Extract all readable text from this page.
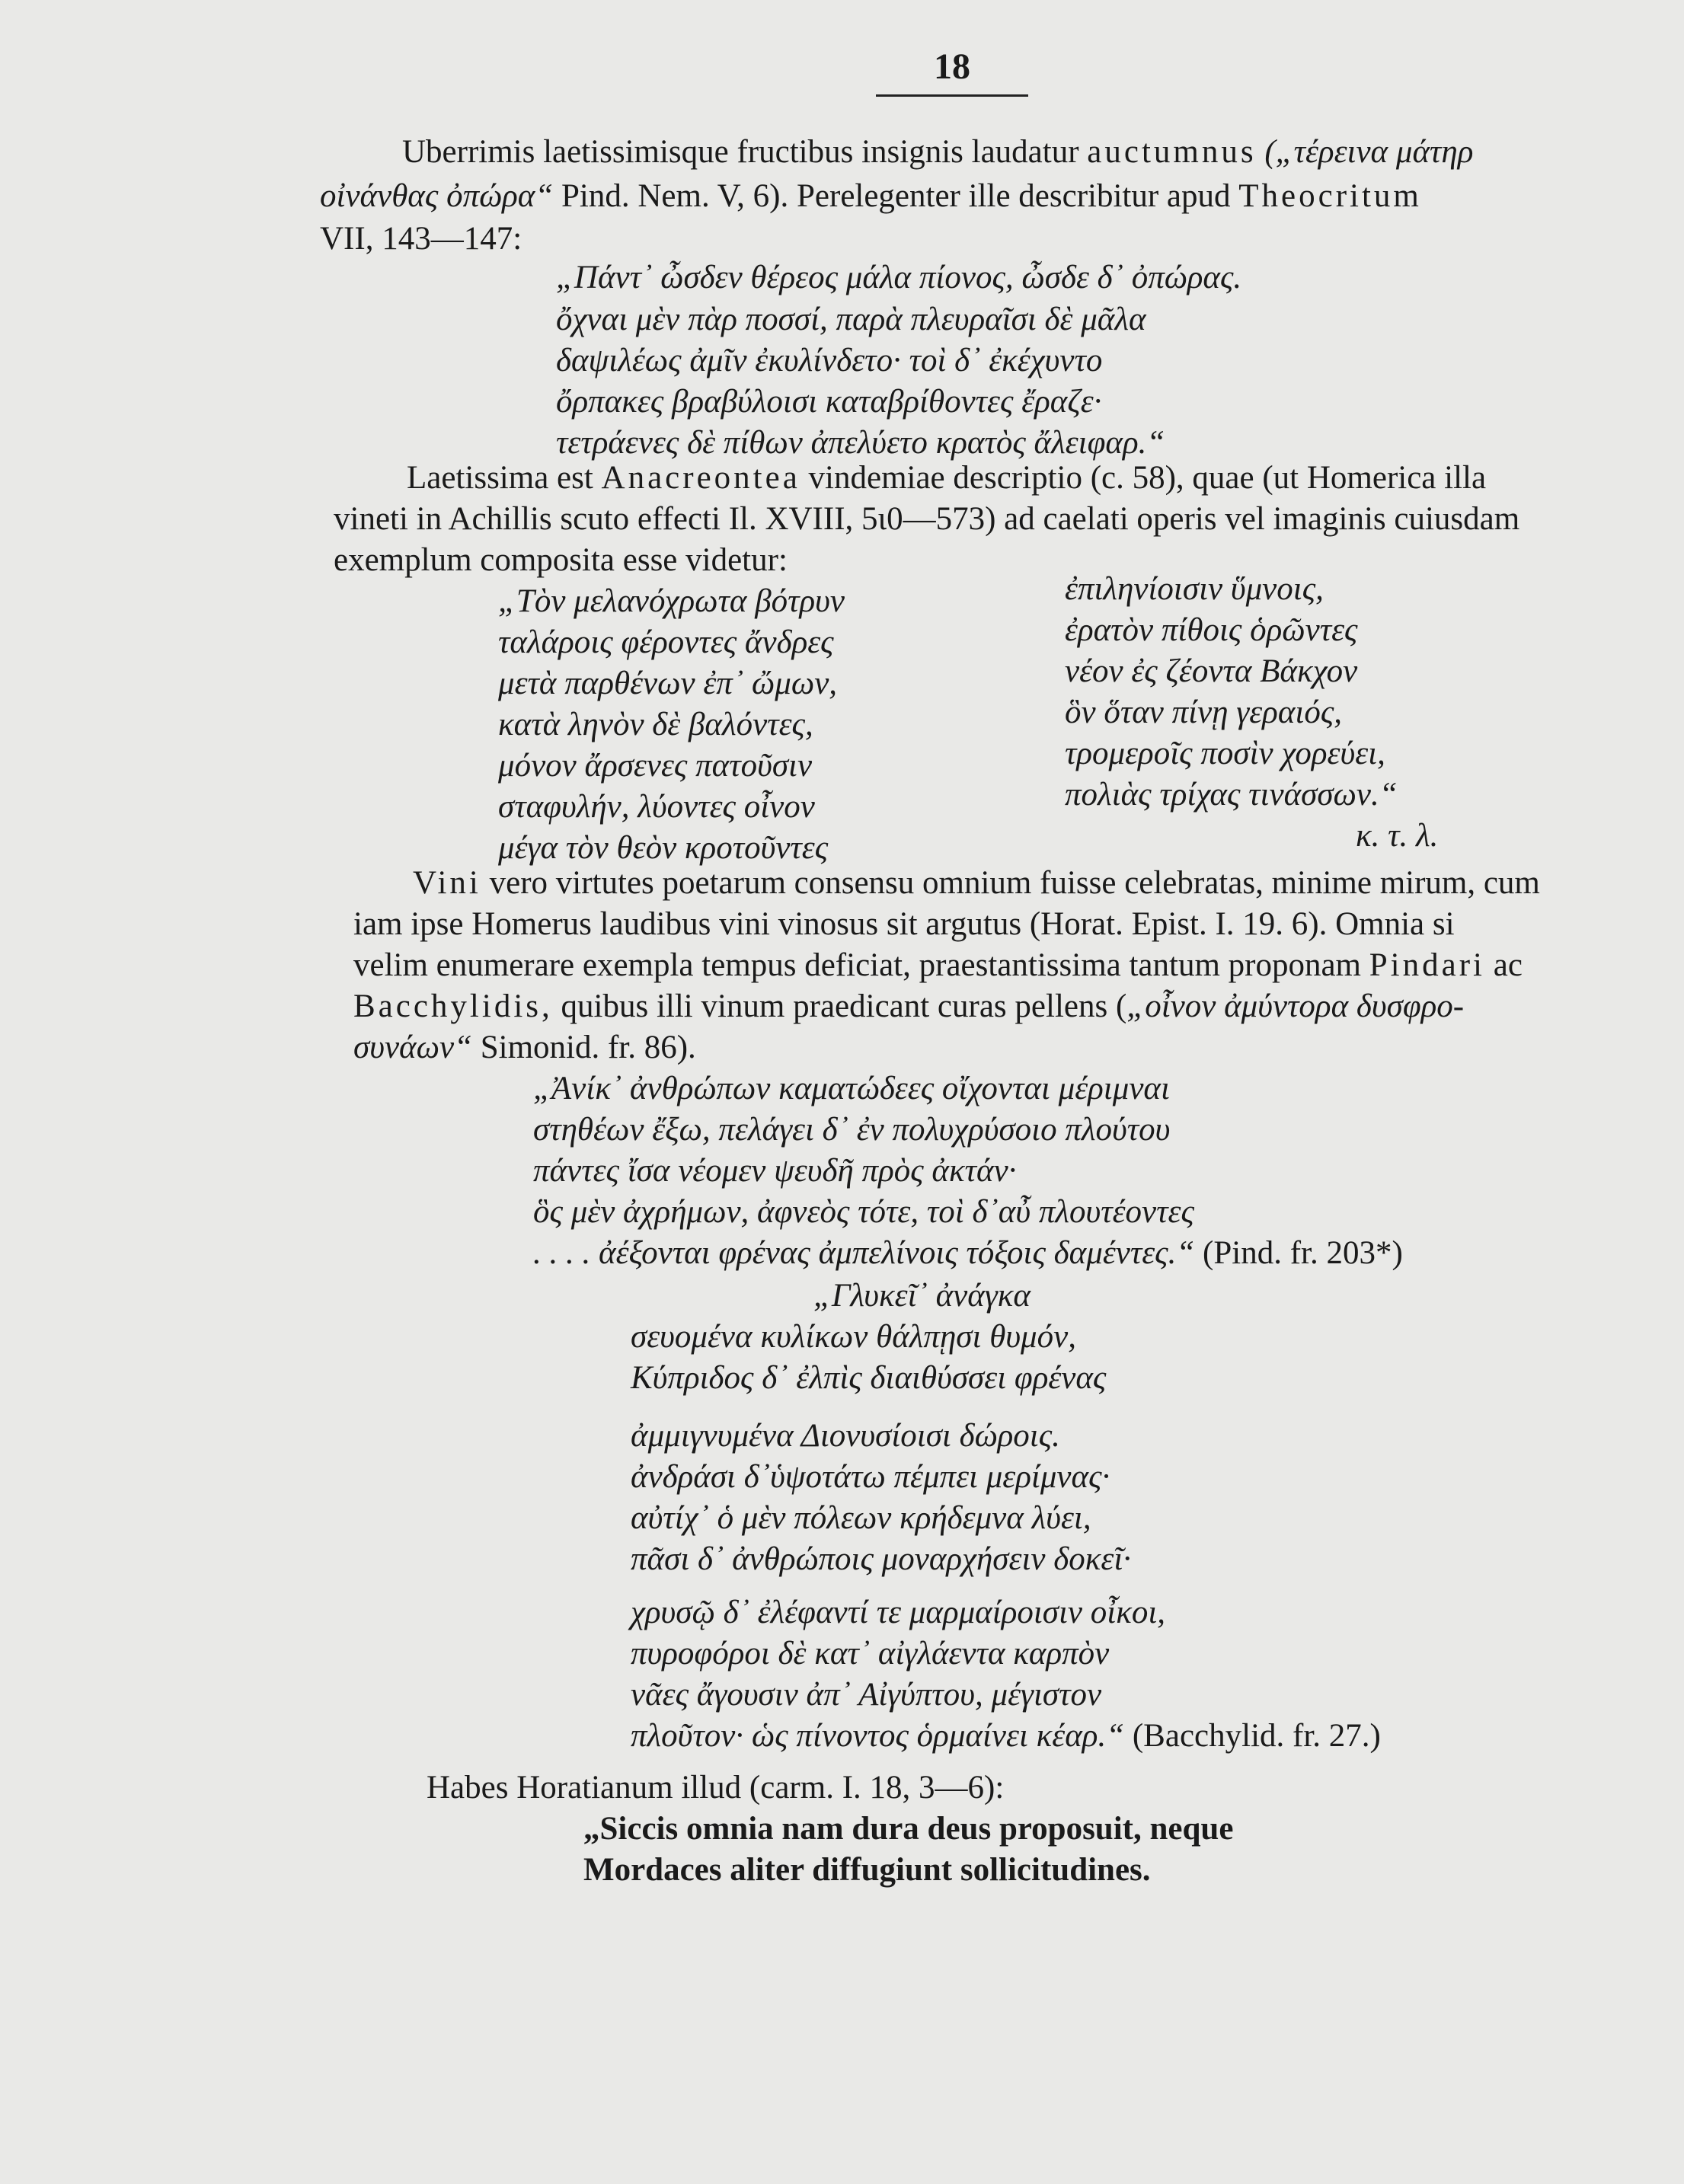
18
Uberrimis laetissimisque fructibus insignis laudatur auctumnus („τέρεινα μάτηρ
οἰνάνθας ὀπώρα“ Pind. Nem. V, 6). Perelegenter ille describitur apud Theocritum
VII, 143—147:
„Πάντ᾽ ὦσδεν θέρεος μάλα πίονος, ὦσδε δ᾽ ὀπώρας.
ὄχναι μὲν πὰρ ποσσί, παρὰ πλευραῖσι δὲ μᾶλα
δαψιλέως ἀμῖν ἐκυλίνδετο· τοὶ δ᾽ ἐκέχυντο
ὄρπακες βραβύλοισι καταβρίθοντες ἔραζε·
τετράενες δὲ πίθων ἀπελύετο κρατὸς ἄλειφαρ.“
Laetissima est Anacreontea vindemiae descriptio (c. 58), quae (ut Homerica illa
vineti in Achillis scuto effecti Il. XVIII, 5ι0—573) ad caelati operis vel imaginis cuiusdam
exemplum composita esse videtur:
„Τὸν μελανόχρωτα βότρυν
ταλάροις φέροντες ἄνδρες
μετὰ παρθένων ἐπ᾽ ὤμων,
κατὰ ληνὸν δὲ βαλόντες,
μόνον ἄρσενες πατοῦσιν
σταφυλήν, λύοντες οἶνον
μέγα τὸν θεὸν κροτοῦντες
ἐπιληνίοισιν ὕμνοις,
ἐρατὸν πίθοις ὁρῶντες
νέον ἐς ζέοντα Βάκχον
ὃν ὅταν πίνῃ γεραιός,
τρομεροῖς ποσὶν χορεύει,
πολιὰς τρίχας τινάσσων.“
κ. τ. λ.
Vini vero virtutes poetarum consensu omnium fuisse celebratas, minime mirum, cum
iam ipse Homerus laudibus vini vinosus sit argutus (Horat. Epist. I. 19. 6). Omnia si
velim enumerare exempla tempus deficiat, praestantissima tantum proponam Pindari ac
Bacchylidis, quibus illi vinum praedicant curas pellens („οἶνον ἀμύντορα δυσφρο-
συνάων“ Simonid. fr. 86).
„Ἀνίκ᾽ ἀνθρώπων καματώδεες οἴχονται μέριμναι
στηθέων ἔξω, πελάγει δ᾽ ἐν πολυχρύσοιο πλούτου
πάντες ἴσα νέομεν ψευδῆ πρὸς ἀκτάν·
ὃς μὲν ἀχρήμων, ἀφνεὸς τότε, τοὶ δ᾽αὖ πλουτέοντες
. . . . ἀέξονται φρένας ἀμπελίνοις τόξοις δαμέντες.“ (Pind. fr. 203*)
„Γλυκεῖ᾽ ἀνάγκα
σευομένα κυλίκων θάλπῃσι θυμόν,
Κύπριδος δ᾽ ἐλπὶς διαιθύσσει φρένας
ἀμμιγνυμένα Διονυσίοισι δώροις.
ἀνδράσι δ᾽ὑψοτάτω πέμπει μερίμνας·
αὐτίχ᾽ ὁ μὲν πόλεων κρήδεμνα λύει,
πᾶσι δ᾽ ἀνθρώποις μοναρχήσειν δοκεῖ·
χρυσῷ δ᾽ ἐλέφαντί τε μαρμαίροισιν οἶκοι,
πυροφόροι δὲ κατ᾽ αἰγλάεντα καρπὸν
νᾶες ἄγουσιν ἀπ᾽ Αἰγύπτου, μέγιστον
πλοῦτον· ὡς πίνοντος ὁρμαίνει κέαρ.“ (Bacchylid. fr. 27.)
Habes Horatianum illud (carm. I. 18, 3—6):
„Siccis omnia nam dura deus proposuit, neque
Mordaces aliter diffugiunt sollicitudines.
